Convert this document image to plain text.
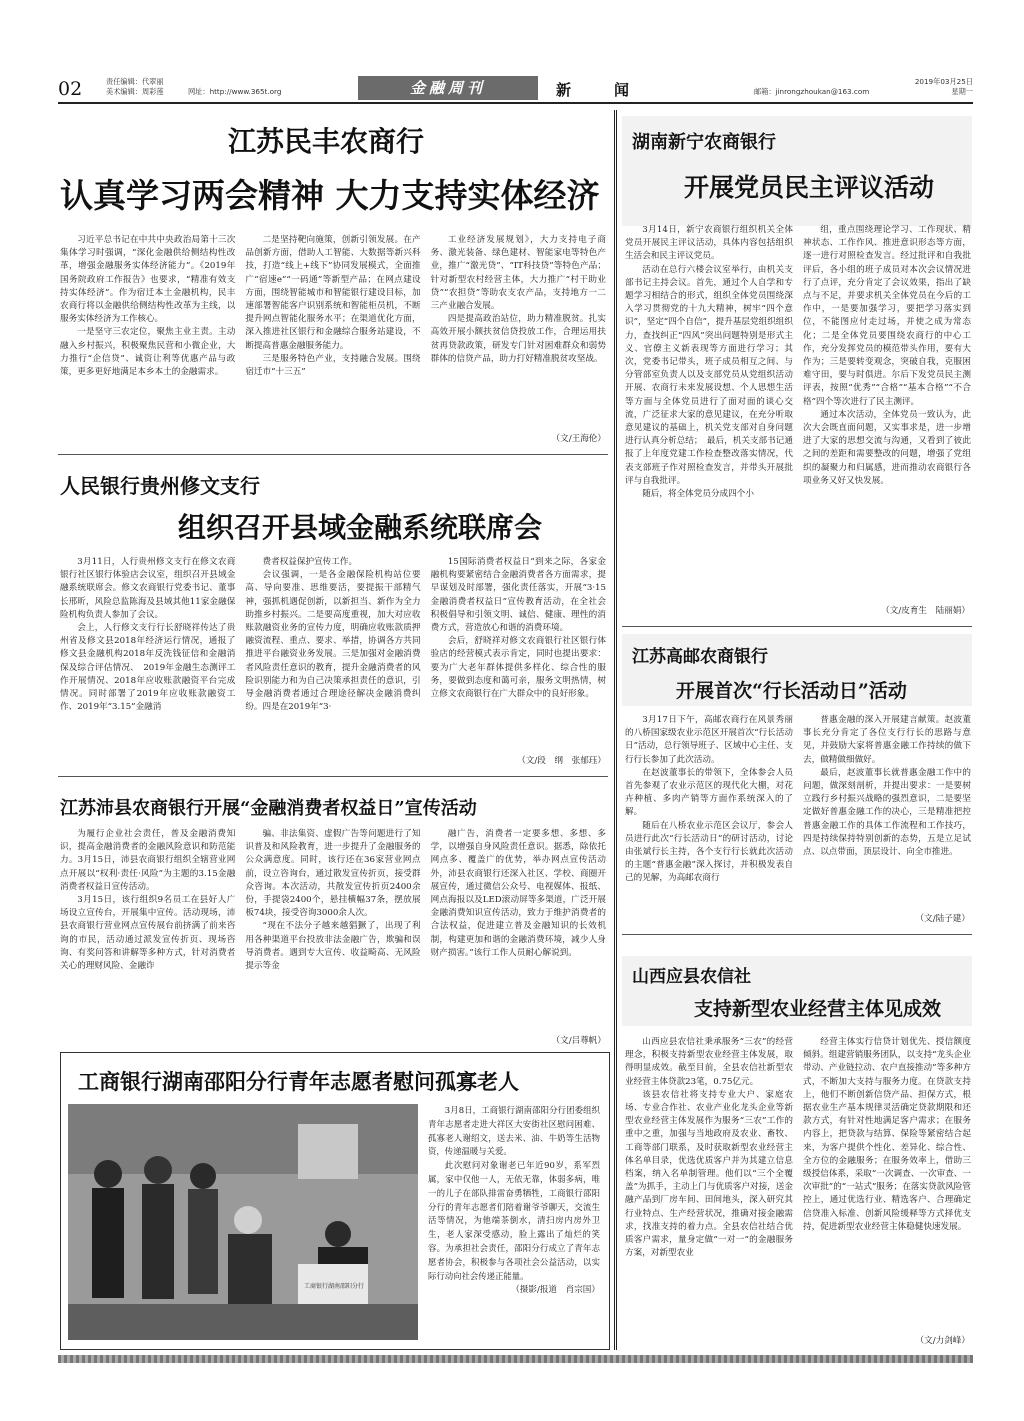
02	责任编辑：代翠丽
美术编辑：周彩莲	网址：http://www.365t.org	金融周刊	新　闻	邮箱：jinrongzhoukan@163.com
2019年03月25日
星期一
江苏民丰农商行
认真学习两会精神 大力支持实体经济

习近平总书记在中共中央政治局第十三次集体学习时强调，“深化金融供给侧结构性改革，增强金融服务实体经济能力”。《2019年国务院政府工作报告》也要求，“精准有效支持实体经济”。作为宿迁本土金融机构，民丰农商行将以金融供给侧结构性改革为主线，以服务实体经济为工作核心。

一是坚守三农定位，聚焦主业主责。主动融入乡村振兴，积极聚焦民营和小微企业，大力推行“企信贷”、诚资让利等优惠产品与政策，更多更好地满足本乡本土的金融需求。

二是坚持靶向施策，创新引领发展。在产品创新方面，借助人工智能、大数据等新兴科技，打造“线上+线下”协同发展模式，全面推广“宿速e”“一码通”等新型产品；在网点建设方面，围绕智能城市和智能银行建设目标，加速部署智能客户识别系统和智能柜员机，不断提升网点智能化服务水平；在渠道优化方面，深入推进社区银行和金融综合服务站建设，不断提高普惠金融服务能力。

三是服务特色产业，支持融合发展。围绕宿迁市“十三五”

工业经济发展规划》，大力支持电子商务、激光装备、绿色建材、智能家电等特色产业，推广“激光贷”、“IT科技贷”等特色产品；针对新型农村经营主体，大力推广“村干助业贷”“农担贷”等助农支农产品，支持地方一二三产业融合发展。

四是提高政治站位，助力精准脱贫。扎实高效开展小额扶贫信贷投放工作，合理运用扶贫再贷款政策，研发专门针对困难群众和弱势群体的信贷产品，助力打好精准脱贫攻坚战。

（文/王海伦）
人民银行贵州修文支行
组织召开县域金融系统联席会

3月11日，人行贵州修文支行在修文农商银行社区银行体验店会议室，组织召开县域金融系统联席会。修文农商银行党委书记、董事长邢昕，风险总监陈海及县域其他11家金融保险机构负责人参加了会议。

会上，人行修文支行行长舒晓祥传达了贵州省及修文县2018年经济运行情况，通报了修文县金融机构2018年反洗钱征信和金融消保及综合评估情况、　2019年金融生态测评工作开展情况、2018年应收账款融资平台完成情况。同时部署了2019年应收账款融资工作、2019年“3.15”金融消

费者权益保护宣传工作。

会议强调，一是各金融保险机构站位要高、导向要准、思维要活，要提振干部精气神，强抓机遇促创新，以新担当、新作为全力助推乡村振兴。二是要高度重视，加大对应收账款融资业务的宣传力度，明确应收账款质押融资流程、重点、要求、举措，协调各方共同推进平台融资业务发展。三是加强对金融消费者风险责任意识的教育，提升金融消费者的风险识别能力和为自己决策承担责任的意识，引导金融消费者通过合理途径解决金融消费纠纷。四是在2019年“3·

15国际消费者权益日”到来之际，各家金融机构要紧密结合金融消费者各方面需求，提早谋划及时部署，强化责任落实，开展“3·15金融消费者权益日”宣传教育活动，在全社会积极倡导和引领文明、诚信、健康、理性的消费方式，营造放心和谐的消费环境。

会后，舒晓祥对修文农商银行社区银行体验店的经营模式表示肯定，同时也提出要求：要为广大老年群体提供多样化、综合性的服务，要做到态度和蔼可亲，服务文明热情，树立修文农商银行在广大群众中的良好形象。

（文/段　纲　张郁珏）
江苏沛县农商银行开展“金融消费者权益日”宣传活动

为履行企业社会责任，普及金融消费知识，提高金融消费者的金融风险意识和防范能力。3月15日，沛县农商银行组织全辖营业网点开展以“权利·责任·风险”为主题的3.15金融消费者权益日宣传活动。

3月15日，该行组织9名员工在县好人广场设立宣传台，开展集中宣传。活动现场，沛县农商银行营业网点宣传展台前挤满了前来咨询的市民，活动通过派发宣传折页、现场咨询、有奖问答和讲解等多种方式，针对消费者关心的理财风险、金融诈

骗、非法集资、虚假广告等问题进行了知识普及和风险教育，进一步提升了金融服务的公众满意度。同时，该行还在36家营业网点前，设立咨询台，通过散发宣传折页，接受群众咨询。本次活动，共散发宣传折页2400余份，手提袋2400个，悬挂横幅37条，摆放展板74块，接受咨询3000余人次。

“现在不法分子越来越猖獗了，出现了利用各种渠道平台投放非法金融广告，欺骗和误导消费者。遇到专大宣传、收益畸高、无风险提示等金

融广告，消费者一定要多想、多想、多学，以增强自身风险责任意识。据悉，除依托网点多、覆盖广的优势，举办网点宣传活动外，沛县农商银行还深入社区、学校、商圈开展宣传，通过微信公众号、电视媒体、报纸、网点海报以及LED滚动屏等多渠道，广泛开展金融消费知识宣传活动，致力于维护消费者的合法权益，促进建立普及金融知识的长效机制，构建更加和谐的金融消费环境，减少人身财产损害。”该行工作人员耐心解说到。

（文/吕尊帆）
工商银行湖南邵阳分行青年志愿者慰问孤寡老人
工商银行湖南邵阳分行

3月8日，工商银行湖南邵阳分行团委组织青年志愿者走进大祥区大安街社区慰问困难、孤寡老人谢绍文，送去米、油、牛奶等生活物资，传递温暖与关爱。

此次慰问对象谢老已年近90岁，系军烈属，家中仅他一人，无依无靠，体弱多病，唯一的儿子在部队排雷奋勇牺牲，工商银行邵阳分行的青年志愿者们陪着谢爷爷聊天，交流生活等情况，为他端茶倒水，清扫房内房外卫生，老人家深受感动，脸上露出了灿烂的笑容。为承担社会责任，邵阳分行成立了青年志愿者协会，积极参与各项社会公益活动，以实际行动向社会传递正能量。

（摄影/报道　肖宗国）
湖南新宁农商银行
开展党员民主评议活动

3月14日，新宁农商银行组织机关全体党员开展民主评议活动，具体内容包括组织生活会和民主评议党员。

活动在总行六楼会议室举行，由机关支部书记主持会议。首先，通过个人自学和专题学习相结合的形式，组织全体党员围绕深入学习贯彻党的十九大精神，树牢“四个意识”，坚定“四个自信”，提升基层党组织组织力，查找纠正“四风”突出问题特别是形式主义、官僚主义新表现等方面进行学习；其次，党委书记带头，班子成员相互之间、与分管部室负责人以及支部党员从党组织活动开展、农商行未来发展设想、个人思想生活等方面与全体党员进行了面对面的谈心交流，广泛征求大家的意见建议，在充分听取意见建议的基础上，机关党支部对自身问题进行认真分析总结；　最后，机关支部书记通报了上年度党建工作检查整改落实情况，代表支部班子作对照检查发言，并带头开展批评与自我批评。

随后，将全体党员分成四个小

组，重点围绕理论学习、工作现状、精神状态、工作作风、推进意识形态等方面，逐一进行对照检查发言。经过批评和自我批评后，各小组的班子成员对本次会议情况进行了点评，充分肯定了会议效果，指出了缺点与不足，并要求机关全体党员在今后的工作中，一是要加强学习，要把学习落实到位，不能图应付走过场，并使之成为常态化；二是全体党员要围绕农商行的中心工作，充分发挥党员的模范带头作用，要有大作为；三是要转变观念，突破自我，克服困难守田，要与时俱进。尔后下发党员民主测评表，按照“优秀”“合格”“基本合格”“不合格”四个等次进行了民主测评。

通过本次活动，全体党员一致认为，此次大会既直面问题，又实事求是，进一步增进了大家的思想交流与沟通，又看到了彼此之间的差距和需要整改的问题，增强了党组织的凝聚力和归属感，进而推动农商银行各项业务又好又快发展。

（文/皮育生　陆丽娟）
江苏高邮农商银行
开展首次“行长活动日”活动

3月17日下午，高邮农商行在风景秀丽的八桥国家级农业示范区开展首次“行长活动日”活动，总行领导班子、区域中心主任、支行行长参加了此次活动。

在赵波董事长的带领下，全体参会人员首先参观了农业示范区的现代化大棚，对花卉种植、多肉产销等方面作系统深入的了解。

随后在八桥农业示范区会议厅，参会人员进行此次“行长活动日”的研讨活动，讨论由张斌行长主持，各个支行行长就此次活动的主题“普惠金融”深入探讨，并积极发表自己的见解，为高邮农商行

普惠金融的深入开展建言献策。赵波董事长充分肯定了各位支行行长的思路与意见，并鼓励大家将普惠金融工作持续的做下去，做精做细做好。

最后，赵波董事长就普惠金融工作中的问题，做深刻剖析，并提出要求：一是要树立践行乡村振兴战略的强烈意识，二是要坚定做好普惠金融工作的决心，三是精准把控普惠金融工作的具体工作流程和工作技巧，四是持续保持特别创新的态势，五是立足试点、以点带面，顶层设计、向全市推进。

（文/陆子建）
山西应县农信社
支持新型农业经营主体见成效

山西应县农信社秉承服务“三农”的经营理念，积极支持新型农业经营主体发展，取得明显成效。截至目前，全县农信社新型农业经营主体贷款23笔，0.75亿元。

该县农信社将支持专业大户、家庭农场、专业合作社、农业产业化龙头企业等新型农业经营主体发展作为服务“三农”工作的重中之重，加强与当地政府及农业、畜牧、工商等部门联系，及时获取新型农业经营主体名单目录，优选优质客户并为其建立信息档案，纳入名单制管理。他们以“三个全覆盖”为抓手，主动上门与优质客户对接，送金融产品到厂房车间、田间地头，深入研究其行业特点、生产经营状况，推确对接金融需求，找准支持的着力点。全县农信社结合优质客户需求，量身定做“一对一”的金融服务方案，对新型农业

经营主体实行信贷计划优先、授信额度倾斜。组建营销服务团队，以支持“龙头企业带动、产业链拉动、农户直接推动”等多种方式，不断加大支持与服务力度。在贷款支持上，他们不断创新信贷产品、担保方式，根据农业生产基本规律灵活确定贷款期限和还款方式，有针对性地满足客户需求；在服务内容上，把贷款与结算、保险等紧密结合起来，为客户提供个性化、差异化、综合性、全方位的金融服务；在服务效率上，借助三级授信体系，采取“一次调查、一次审查、一次审批”的“一站式”服务；在落实贷款风险管控上，通过优选行业、精选客户、合理确定信贷准入标准、创新风险缓释等方式择优支持，促进新型农业经营主体稳健快速发展。

（文/力剑峰）
